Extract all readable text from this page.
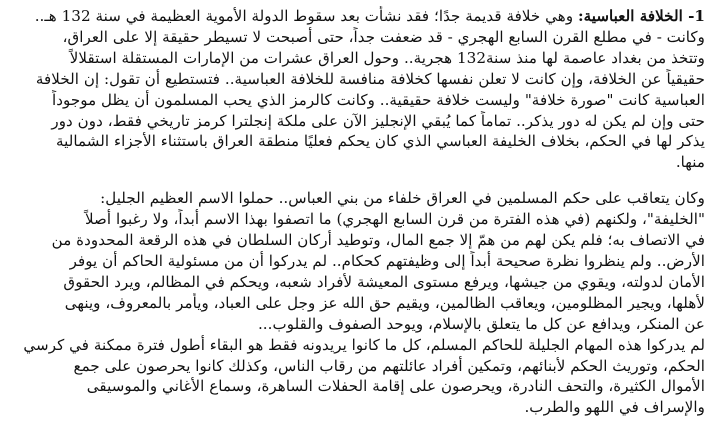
1- الخلافة العباسية: وهي خلافة قديمة جدًا؛ فقد نشأت بعد سقوط الدولة الأموية العظيمة في سنة 132 هـ..
وكانت - في مطلع القرن السابع الهجري - قد ضعفت جداً، حتى أصبحت لا تسيطر حقيقة إلا على العراق،
وتتخذ من بغداد عاصمة لها منذ سنة132 هجرية.. وحول العراق عشرات من الإمارات المستقلة استقلالاً
حقيقياً عن الخلافة، وإن كانت لا تعلن نفسها كخلافة منافسة للخلافة العباسية.. فتستطيع أن تقول: إن الخلافة
العباسية كانت "صورة خلافة" وليست خلافة حقيقية.. وكانت كالرمز الذي يحب المسلمون أن يظل موجوداً
حتى وإن لم يكن له دور يذكر.. تماماً كما يُبقي الإنجليز الآن على ملكة إنجلترا كرمز تاريخي فقط، دون دور
يذكر لها في الحكم، بخلاف الخليفة العباسي الذي كان يحكم فعليًا منطقة العراق باستثناء الأجزاء الشمالية
منها.

وكان يتعاقب على حكم المسلمين في العراق خلفاء من بني العباس.. حملوا الاسم العظيم الجليل:
"الخليفة"، ولكنهم (في هذه الفترة من قرن السابع الهجري) ما اتصفوا بهذا الاسم أبداً، ولا رغبوا أصلاً
في الاتصاف به؛ فلم يكن لهم من همّ إلا جمع المال، وتوطيد أركان السلطان في هذه الرقعة المحدودة من
الأرض.. ولم ينظروا نظرة صحيحة أبداً إلى وظيفتهم كحكام.. لم يدركوا أن من مسئولية الحاكم أن يوفر
الأمان لدولته، ويقوي من جيشها، ويرفع مستوى المعيشة لأفراد شعبه، ويحكم في المظالم، ويرد الحقوق
لأهلها، ويجير المظلومين، ويعاقب الظالمين، ويقيم حق الله عز وجل على العباد، ويأمر بالمعروف، وينهى
عن المنكر، ويدافع عن كل ما يتعلق بالإسلام، ويوحد الصفوف والقلوب...

لم يدركوا هذه المهام الجليلة للحاكم المسلم، كل ما كانوا يريدونه فقط هو البقاء أطول فترة ممكنة في كرسي
الحكم، وتوريث الحكم لأبنائهم، وتمكين أفراد عائلتهم من رقاب الناس، وكذلك كانوا يحرصون على جمع
الأموال الكثيرة، والتحف النادرة، ويحرصون على إقامة الحفلات الساهرة، وسماع الأغاني والموسيقى
والإسراف في اللهو والطرب.
